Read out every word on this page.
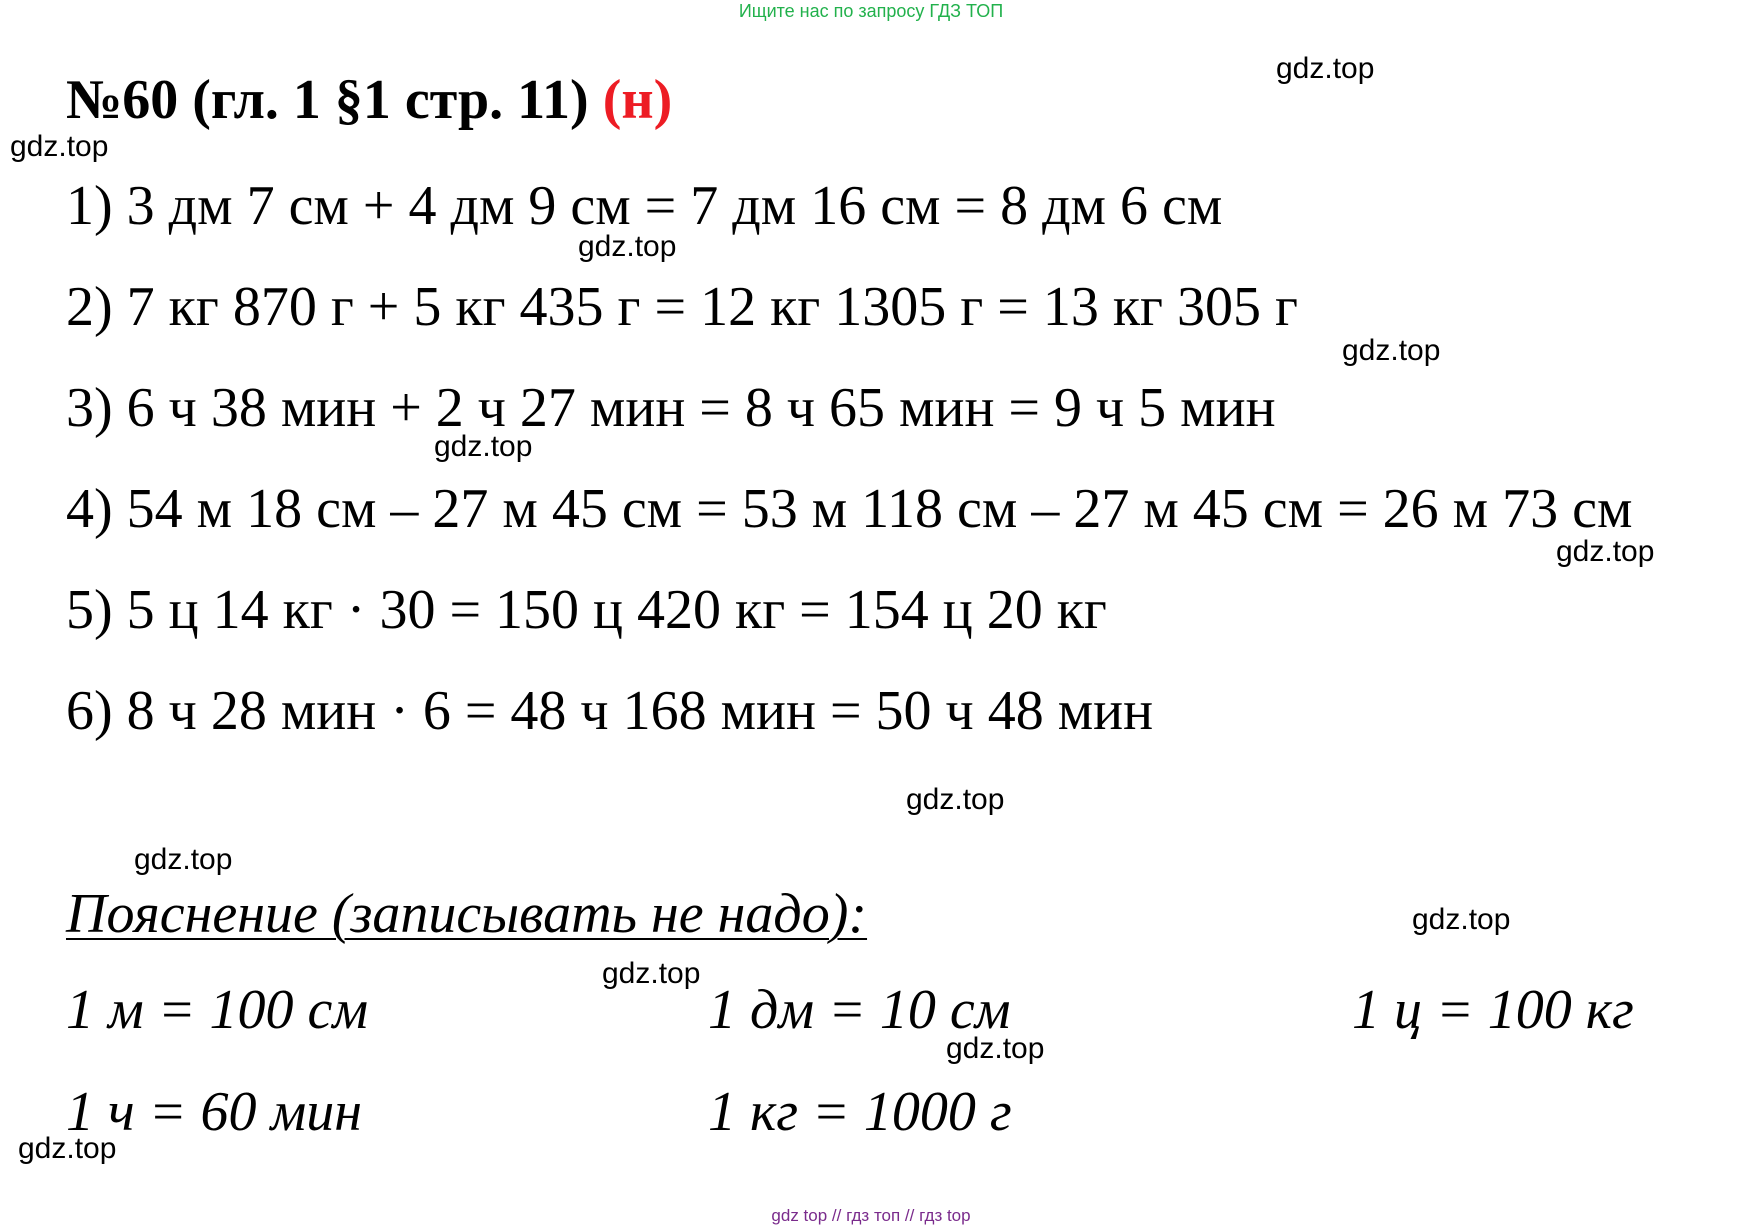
Ищите нас по запросу ГДЗ ТОП
№60 (гл. 1 §1 стр. 11) (н)
1) 3 дм 7 см + 4 дм 9 см = 7 дм 16 см = 8 дм 6 см
2) 7 кг 870 г + 5 кг 435 г = 12 кг 1305 г = 13 кг 305 г
3) 6 ч 38 мин + 2 ч 27 мин = 8 ч 65 мин = 9 ч 5 мин
4) 54 м 18 см – 27 м 45 см = 53 м 118 см – 27 м 45 см = 26 м 73 см
5) 5 ц 14 кг · 30 = 150 ц 420 кг = 154 ц 20 кг
6) 8 ч 28 мин · 6 = 48 ч 168 мин = 50 ч 48 мин
Пояснение (записывать не надо):
1 м = 100 см	1 дм = 10 см	1 ц = 100 кг
1 ч = 60 мин	1 кг = 1000 г
gdz.top
gdz.top
gdz.top
gdz.top
gdz.top
gdz.top
gdz.top
gdz.top
gdz.top
gdz.top
gdz.top
gdz.top
gdz top // гдз топ // гдз top
